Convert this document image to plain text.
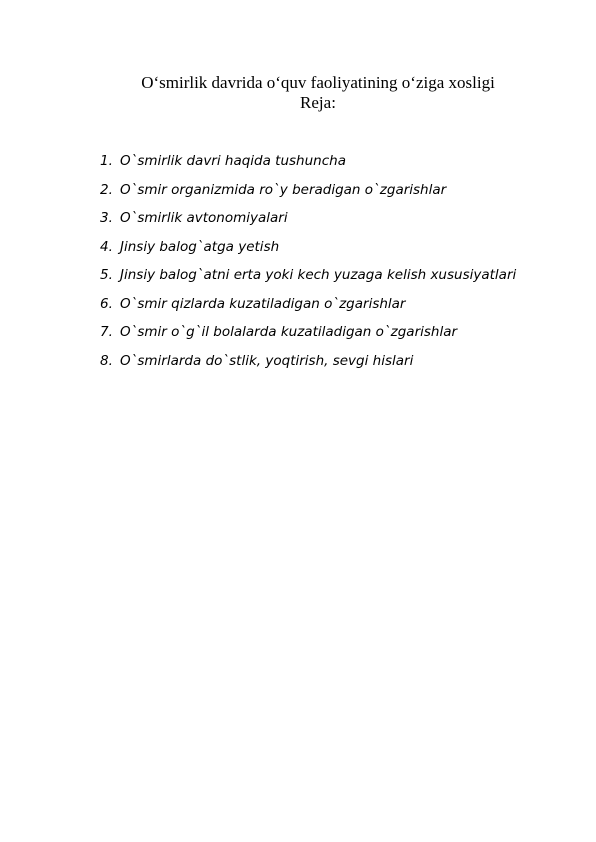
O‘smirlik davrida o‘quv faoliyatining o‘ziga xosligi
Reja:
1. O`smirlik davri haqida tushuncha
2. O`smir organizmida ro`y beradigan o`zgarishlar
3. O`smirlik avtonomiyalari
4. Jinsiy balog`atga yetish
5. Jinsiy balog`atni erta yoki kech yuzaga kelish xususiyatlari
6. O`smir qizlarda kuzatiladigan o`zgarishlar
7. O`smir o`g`il bolalarda kuzatiladigan o`zgarishlar
8. O`smirlarda do`stlik, yoqtirish, sevgi hislari
